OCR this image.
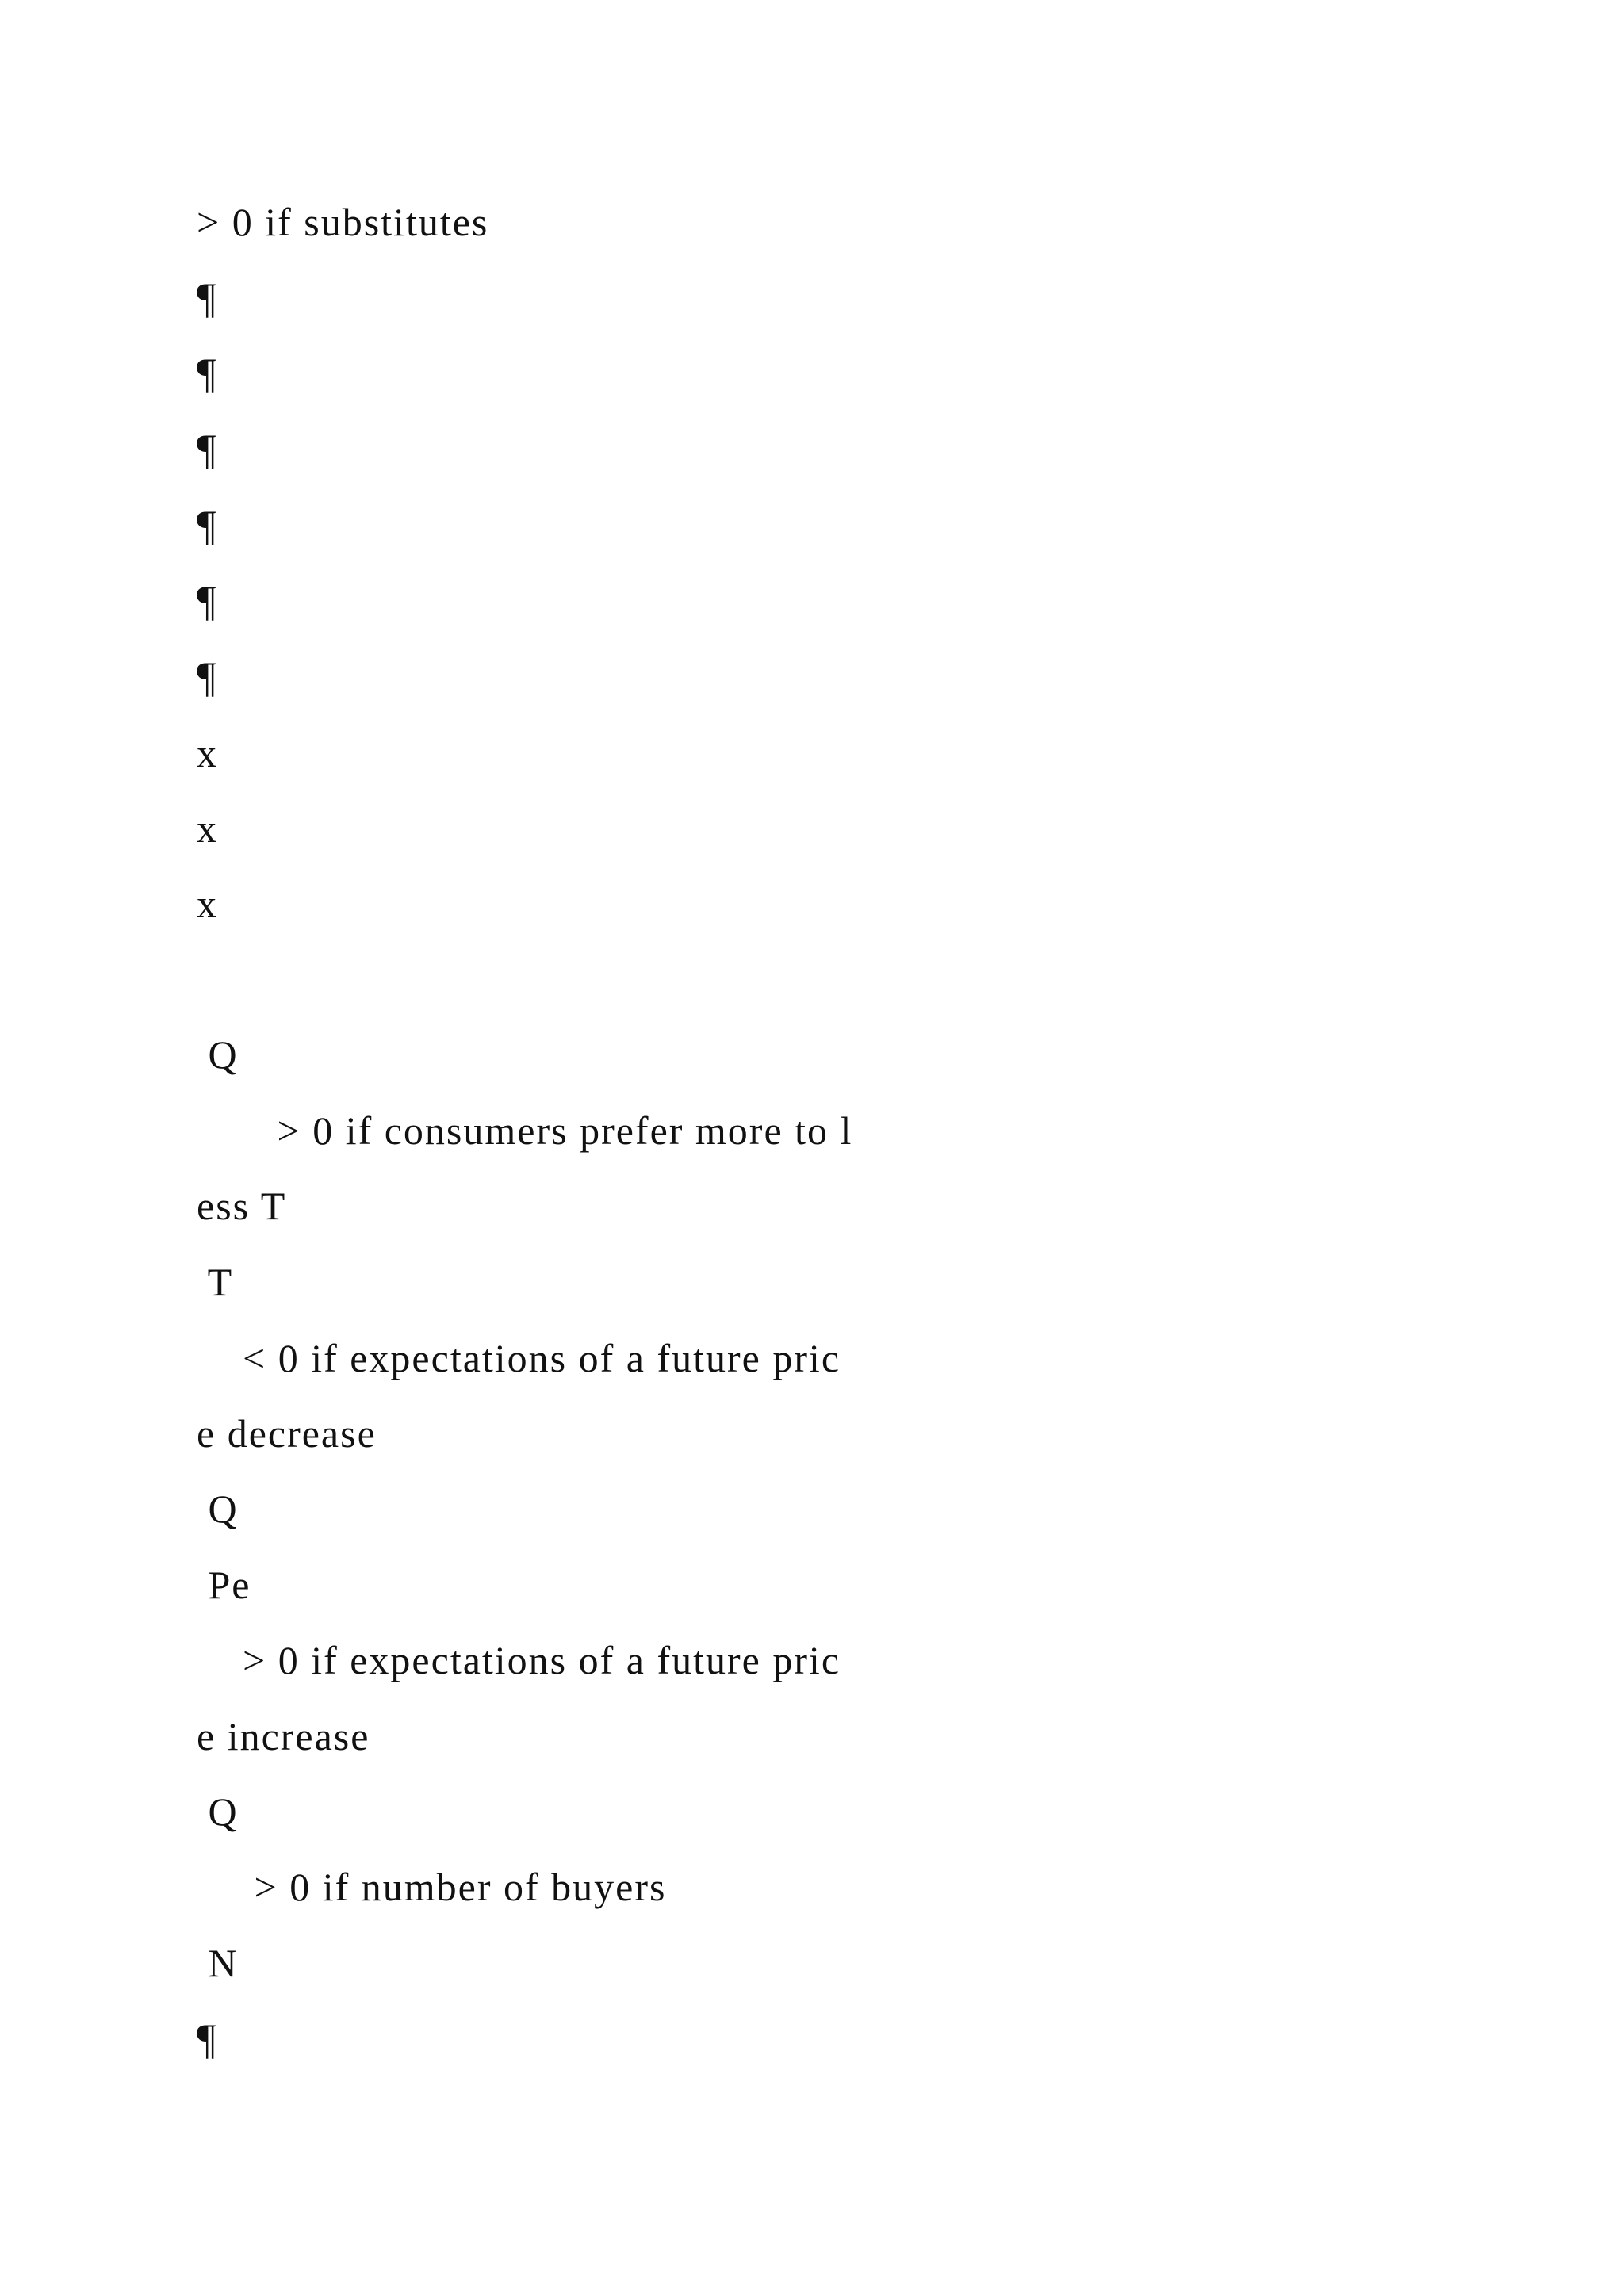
> 0 if substitutes
¶
¶
¶
¶
¶
¶
x
x
x
Q
> 0 if consumers prefer more to l
ess T
T
< 0 if expectations of a future pric
e decrease
Q
Pe
> 0 if expectations of a future pric
e increase
Q
> 0 if number of buyers
N
¶
